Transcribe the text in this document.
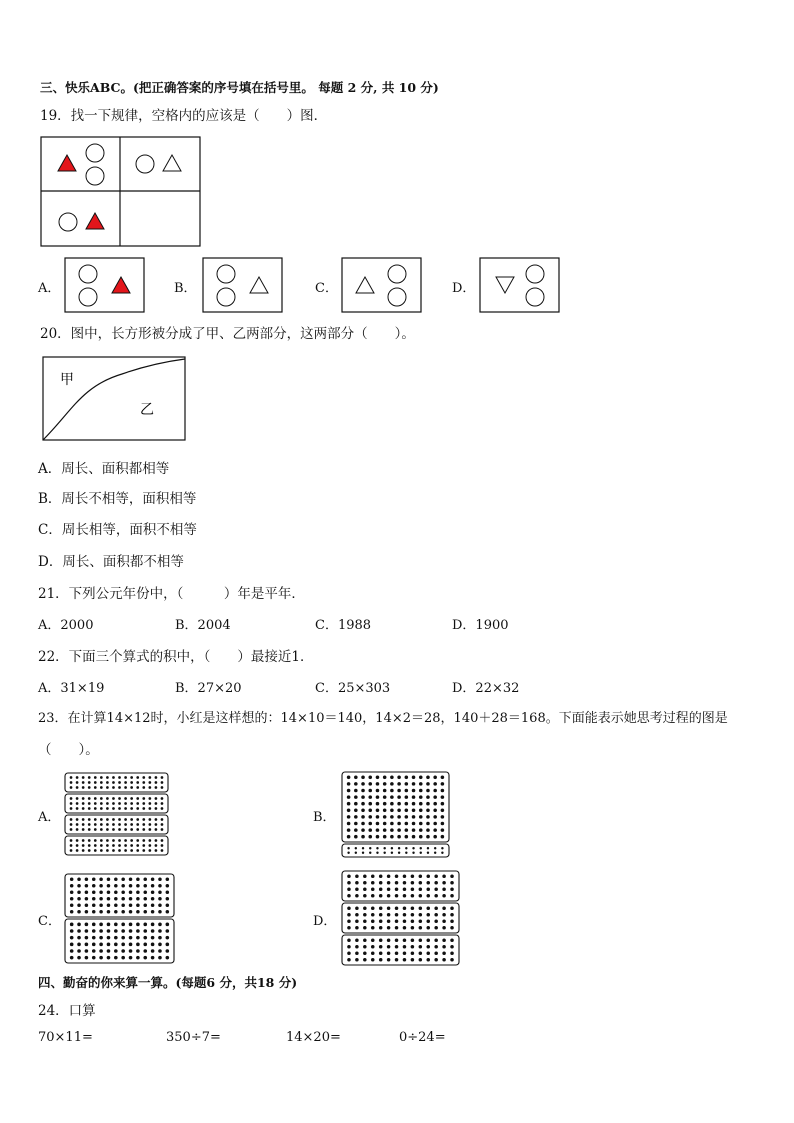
三、快乐ABC。(把正确答案的序号填在括号里。 每题 2 分, 共 10 分)
19．找一下规律，空格内的应该是（　　）图．
A．	B．	C．	D．
20．图中，长方形被分成了甲、乙两部分，这两部分（　　）。
甲
乙
A．周长、面积都相等
B．周长不相等，面积相等
C．周长相等，面积不相等
D．周长、面积都不相等
21．下列公元年份中，（　　　）年是平年．
A．2000	B．2004	C．1988	D．1900
22．下面三个算式的积中，（　　）最接近1．
A．31×19	B．27×20	C．25×303	D．22×32
23．在计算14×12时，小红是这样想的：14×10＝140，14×2＝28，140＋28＝168。下面能表示她思考过程的图是
（　　）。
A．	B．
C．	D．
四、勤奋的你来算一算。(每题6 分，共18 分)
24．口算
70×11=	350÷7=	14×20=	0÷24=
